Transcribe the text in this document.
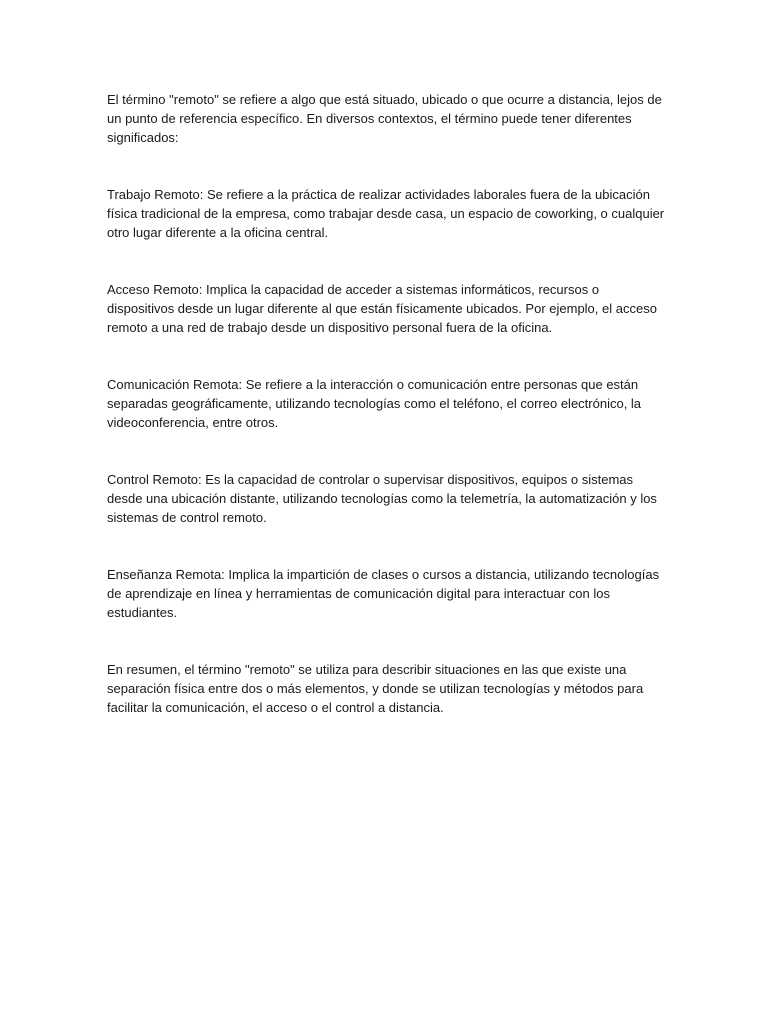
El término "remoto" se refiere a algo que está situado, ubicado o que ocurre a distancia, lejos de un punto de referencia específico. En diversos contextos, el término puede tener diferentes significados:

Trabajo Remoto: Se refiere a la práctica de realizar actividades laborales fuera de la ubicación física tradicional de la empresa, como trabajar desde casa, un espacio de coworking, o cualquier otro lugar diferente a la oficina central.

Acceso Remoto: Implica la capacidad de acceder a sistemas informáticos, recursos o dispositivos desde un lugar diferente al que están físicamente ubicados. Por ejemplo, el acceso remoto a una red de trabajo desde un dispositivo personal fuera de la oficina.

Comunicación Remota: Se refiere a la interacción o comunicación entre personas que están separadas geográficamente, utilizando tecnologías como el teléfono, el correo electrónico, la videoconferencia, entre otros.

Control Remoto: Es la capacidad de controlar o supervisar dispositivos, equipos o sistemas desde una ubicación distante, utilizando tecnologías como la telemetría, la automatización y los sistemas de control remoto.

Enseñanza Remota: Implica la impartición de clases o cursos a distancia, utilizando tecnologías de aprendizaje en línea y herramientas de comunicación digital para interactuar con los estudiantes.

En resumen, el término "remoto" se utiliza para describir situaciones en las que existe una separación física entre dos o más elementos, y donde se utilizan tecnologías y métodos para facilitar la comunicación, el acceso o el control a distancia.
